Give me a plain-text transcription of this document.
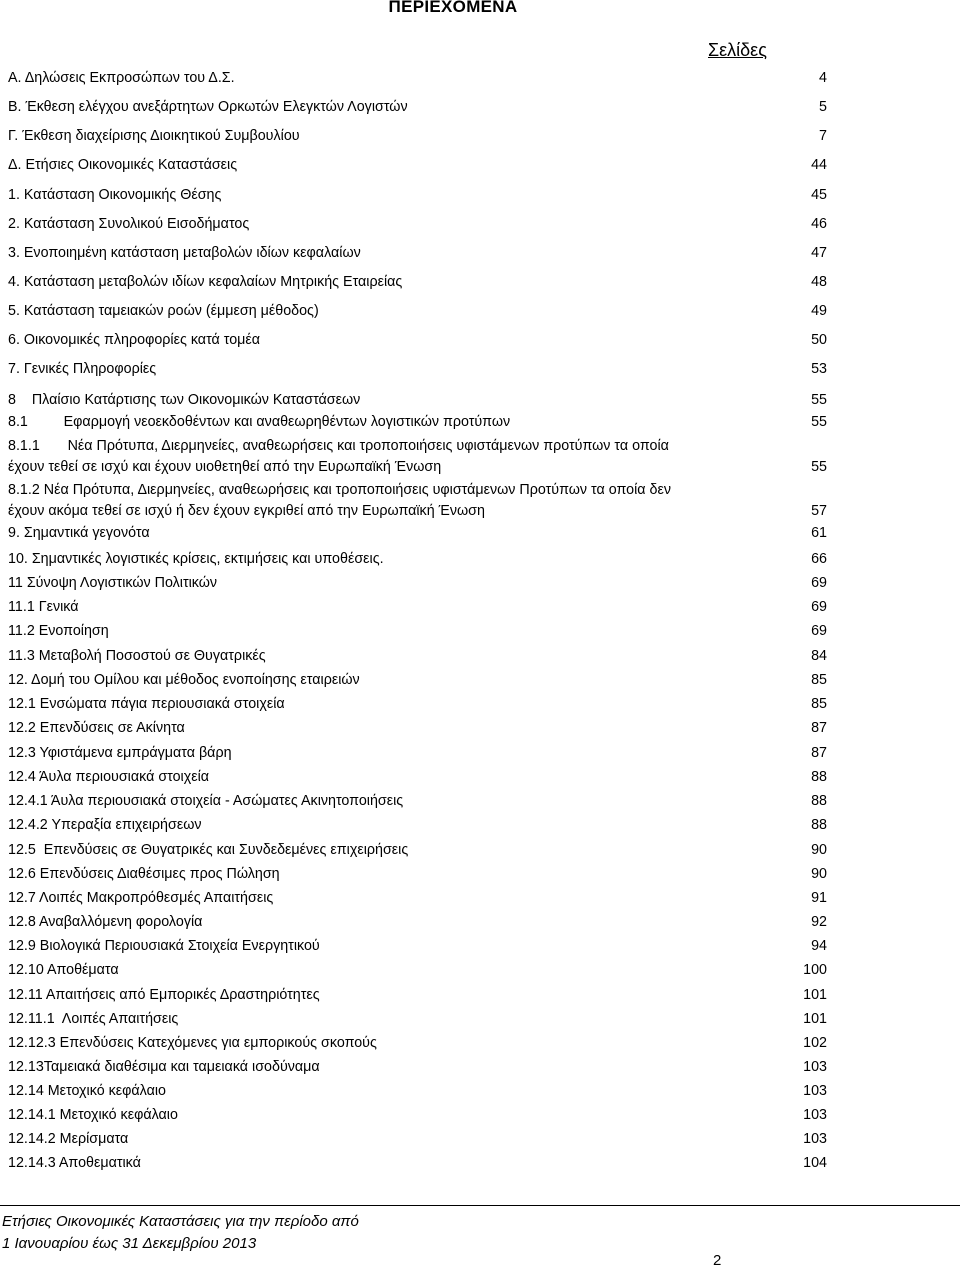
ΠΕΡΙΕΧΟΜΕΝΑ
Σελίδες
Α. Δηλώσεις Εκπροσώπων του Δ.Σ.	4
Β. Έκθεση ελέγχου ανεξάρτητων Ορκωτών Ελεγκτών Λογιστών	5
Γ. Έκθεση διαχείρισης Διοικητικού Συμβουλίου	7
Δ. Ετήσιες Οικονομικές Καταστάσεις	44
1. Κατάσταση Οικονομικής Θέσης	45
2. Κατάσταση Συνολικού Εισοδήματος	46
3. Ενοποιημένη κατάσταση μεταβολών ιδίων κεφαλαίων	47
4. Κατάσταση μεταβολών ιδίων κεφαλαίων Μητρικής Εταιρείας	48
5. Κατάσταση ταμειακών ροών (έμμεση μέθοδος)	49
6. Οικονομικές πληροφορίες κατά τομέα	50
7. Γενικές Πληροφορίες	53
8    Πλαίσιο Κατάρτισης των Οικονομικών Καταστάσεων	55
8.1         Εφαρμογή νεοεκδοθέντων και αναθεωρηθέντων λογιστικών προτύπων	55
8.1.1       Νέα Πρότυπα, Διερμηνείες, αναθεωρήσεις και τροποποιήσεις υφιστάμενων προτύπων τα οποία
έχουν τεθεί σε ισχύ και έχουν υιοθετηθεί από την Ευρωπαϊκή Ένωση	55
8.1.2 Νέα Πρότυπα, Διερμηνείες, αναθεωρήσεις και τροποποιήσεις υφιστάμενων Προτύπων τα οποία δεν
έχουν ακόμα τεθεί σε ισχύ ή δεν έχουν εγκριθεί από την Ευρωπαϊκή Ένωση	57
9. Σημαντικά γεγονότα	61
10. Σημαντικές λογιστικές κρίσεις, εκτιμήσεις και υποθέσεις.	66
11 Σύνοψη Λογιστικών Πολιτικών	69
11.1 Γενικά	69
11.2 Ενοποίηση	69
11.3 Μεταβολή Ποσοστού σε Θυγατρικές	84
12. Δομή του Ομίλου και μέθοδος ενοποίησης εταιρειών	85
12.1 Ενσώματα πάγια περιουσιακά στοιχεία	85
12.2 Επενδύσεις σε Ακίνητα	87
12.3 Υφιστάμενα εμπράγματα βάρη	87
12.4 Άυλα περιουσιακά στοιχεία	88
12.4.1 Άυλα περιουσιακά στοιχεία - Ασώματες Ακινητοποιήσεις	88
12.4.2 Υπεραξία επιχειρήσεων	88
12.5  Επενδύσεις σε Θυγατρικές και Συνδεδεμένες επιχειρήσεις	90
12.6 Επενδύσεις Διαθέσιμες προς Πώληση	90
12.7 Λοιπές Μακροπρόθεσμές Απαιτήσεις	91
12.8 Αναβαλλόμενη φορολογία	92
12.9 Βιολογικά Περιουσιακά Στοιχεία Ενεργητικού	94
12.10 Αποθέματα	100
12.11 Απαιτήσεις από Εμπορικές Δραστηριότητες	101
12.11.1  Λοιπές Απαιτήσεις	101
12.12.3 Επενδύσεις Κατεχόμενες για εμπορικούς σκοπούς	102
12.13Ταμειακά διαθέσιμα και ταμειακά ισοδύναμα	103
12.14 Μετοχικό κεφάλαιο	103
12.14.1 Μετοχικό κεφάλαιο	103
12.14.2 Μερίσματα	103
12.14.3 Αποθεματικά	104
Ετήσιες Οικονομικές Καταστάσεις για την περίοδο από
1 Ιανουαρίου έως 31 Δεκεμβρίου 2013
2
